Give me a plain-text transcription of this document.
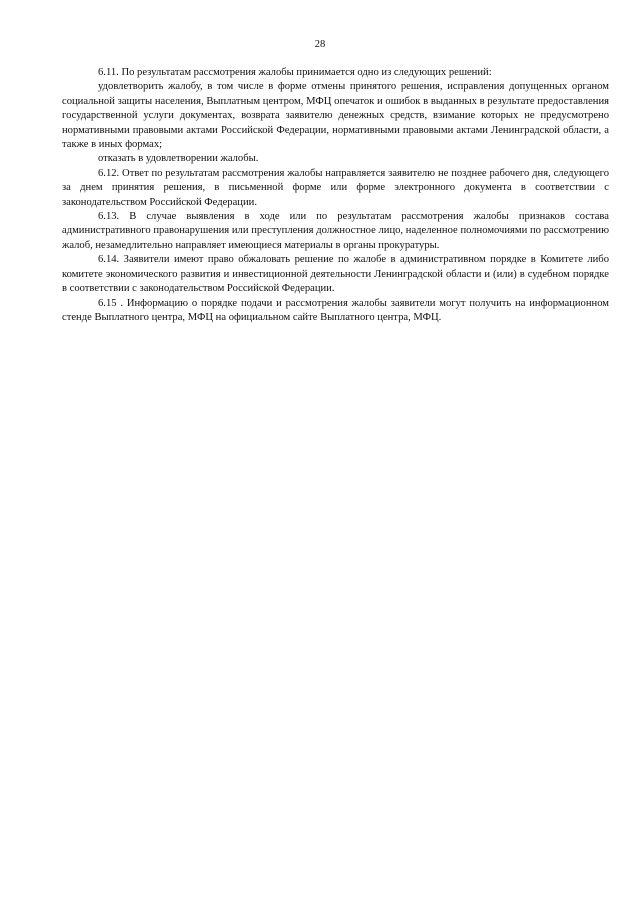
28

6.11. По результатам рассмотрения жалобы принимается одно из следующих решений:

удовлетворить жалобу, в том числе в форме отмены принятого решения, исправления допущенных органом социальной защиты населения, Выплатным центром, МФЦ опечаток и ошибок в выданных в результате предоставления государственной услуги документах, возврата заявителю денежных средств, взимание которых не предусмотрено нормативными правовыми актами Российской Федерации, нормативными правовыми актами Ленинградской области, а также в иных формах;

отказать в удовлетворении жалобы.

6.12. Ответ по результатам рассмотрения жалобы направляется заявителю не позднее рабочего дня, следующего за днем принятия решения, в письменной форме или форме электронного документа в соответствии с законодательством Российской Федерации.

6.13. В случае выявления в ходе или по результатам рассмотрения жалобы признаков состава административного правонарушения или преступления должностное лицо, наделенное полномочиями по рассмотрению жалоб, незамедлительно направляет имеющиеся материалы в органы прокуратуры.

6.14. Заявители имеют право обжаловать решение по жалобе в административном порядке в Комитете либо комитете экономического развития и инвестиционной деятельности Ленинградской области и (или) в судебном порядке в соответствии с законодательством Российской Федерации.

6.15 . Информацию о порядке подачи и рассмотрения жалобы заявители могут получить на информационном стенде Выплатного центра, МФЦ на официальном сайте Выплатного центра, МФЦ.
